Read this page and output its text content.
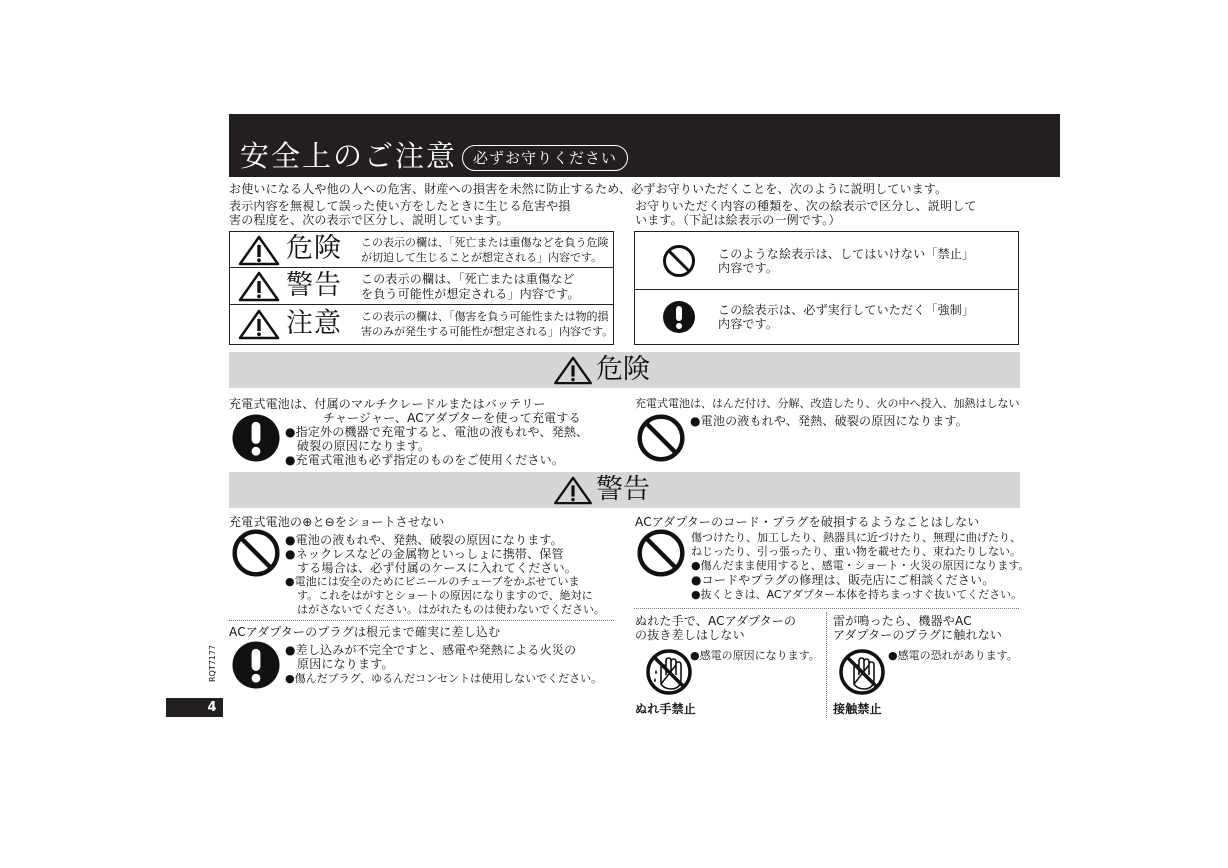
安全上のご注意	必ずお守りください
お使いになる人や他の人への危害、財産への損害を未然に防止するため、必ずお守りいただくことを、次のように説明しています。
表示内容を無視して誤った使い方をしたときに生じる危害や損
害の程度を、次の表示で区分し、説明しています。
お守りいただく内容の種類を、次の絵表示で区分し、説明して
います。（下記は絵表示の一例です。）
危険 この表示の欄は、「死亡または重傷などを負う危険
が切迫して生じることが想定される」内容です。
警告 この表示の欄は、「死亡または重傷など
を負う可能性が想定される」内容です。
注意 この表示の欄は、「傷害を負う可能性または物的損
害のみが発生する可能性が想定される」内容です。
このような絵表示は、してはいけない「禁止」
内容です。
この絵表示は、必ず実行していただく「強制」
内容です。
危険
充電式電池は、付属のマルチクレードルまたはバッテリー
チャージャー、ACアダプターを使って充電する
●指定外の機器で充電すると、電池の液もれや、発熱、
破裂の原因になります。
●充電式電池も必ず指定のものをご使用ください。
充電式電池は、はんだ付け、分解、改造したり、火の中へ投入、加熱はしない
●電池の液もれや、発熱、破裂の原因になります。
警告
充電式電池の⊕と⊖をショートさせない
●電池の液もれや、発熱、破裂の原因になります。
●ネックレスなどの金属物といっしょに携帯、保管
する場合は、必ず付属のケースに入れてください。
●電池には安全のためにビニールのチューブをかぶせていま
す。これをはがすとショートの原因になりますので、絶対に
はがさないでください。はがれたものは使わないでください。
ACアダプターのプラグは根元まで確実に差し込む
●差し込みが不完全ですと、感電や発熱による火災の
原因になります。
●傷んだプラグ、ゆるんだコンセントは使用しないでください。
ACアダプターのコード・プラグを破損するようなことはしない
傷つけたり、加工したり、熱器具に近づけたり、無理に曲げたり、
ねじったり、引っ張ったり、重い物を載せたり、束ねたりしない。
●傷んだまま使用すると、感電・ショート・火災の原因になります。
●コードやプラグの修理は、販売店にご相談ください。
●抜くときは、ACアダプター本体を持ちまっすぐ抜いてください。
ぬれた手で、ACアダプターの
の抜き差しはしない
●感電の原因になります。
ぬれ手禁止
雷が鳴ったら、機器やAC
アダプターのプラグに触れない
●感電の恐れがあります。
接触禁止
RQT7177
4
